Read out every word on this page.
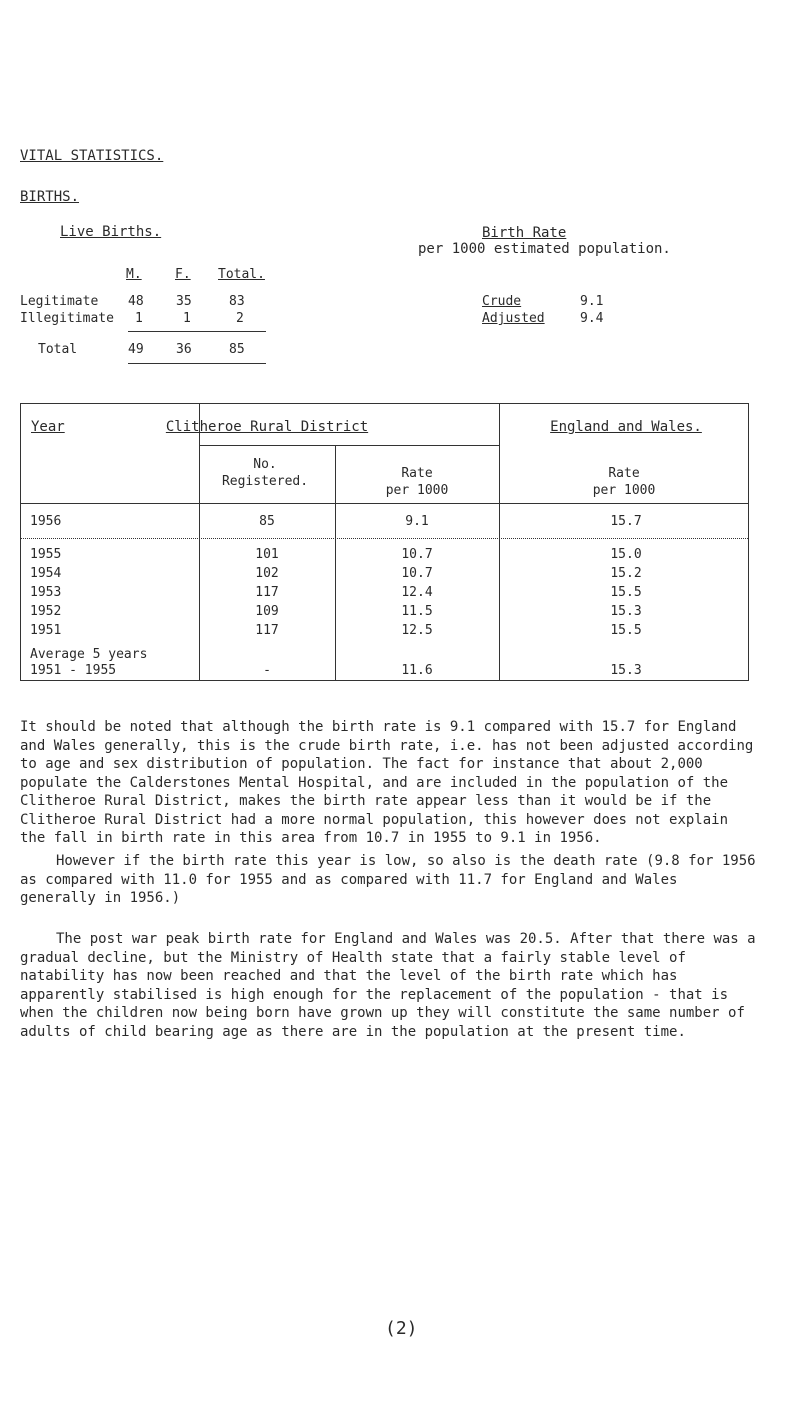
VITAL STATISTICS.
BIRTHS.
Live Births.
M.	F. Total.
Legitimate 48 35	83
Illegitimate 1	1	2
Total	49 36	85
Birth Rate
per 1000 estimated population.
Crude	9.1
Adjusted	9.4
Year	Clitheroe Rural District	England and Wales.
No.
Registered.
Rate
per 1000
Rate
per 1000
1956	85	9.1	15.7
1955	101	10.7	15.0
1954	102	10.7	15.2
1953	117	12.4	15.5
1952	109	11.5	15.3
1951	117	12.5	15.5
Average 5 years
1951 - 1955	-	11.6	15.3

It should be noted that although the birth rate is 9.1 compared with 15.7 for England and Wales generally, this is the crude birth rate, i.e. has not been adjusted according to age and sex distribution of population. The fact for instance that about 2,000 populate the Calderstones Mental Hospital, and are included in the population of the Clitheroe Rural District, makes the birth rate appear less than it would be if the Clitheroe Rural District had a more normal population, this however does not explain the fall in birth rate in this area from 10.7 in 1955 to 9.1 in 1956.

However if the birth rate this year is low, so also is the death rate (9.8 for 1956 as compared with 11.0 for 1955 and as compared with 11.7 for England and Wales generally in 1956.)

The post war peak birth rate for England and Wales was 20.5. After that there was a gradual decline, but the Ministry of Health state that a fairly stable level of natability has now been reached and that the level of the birth rate which has apparently stabilised is high enough for the replacement of the population - that is when the children now being born have grown up they will constitute the same number of adults of child bearing age as there are in the population at the present time.

(2)
